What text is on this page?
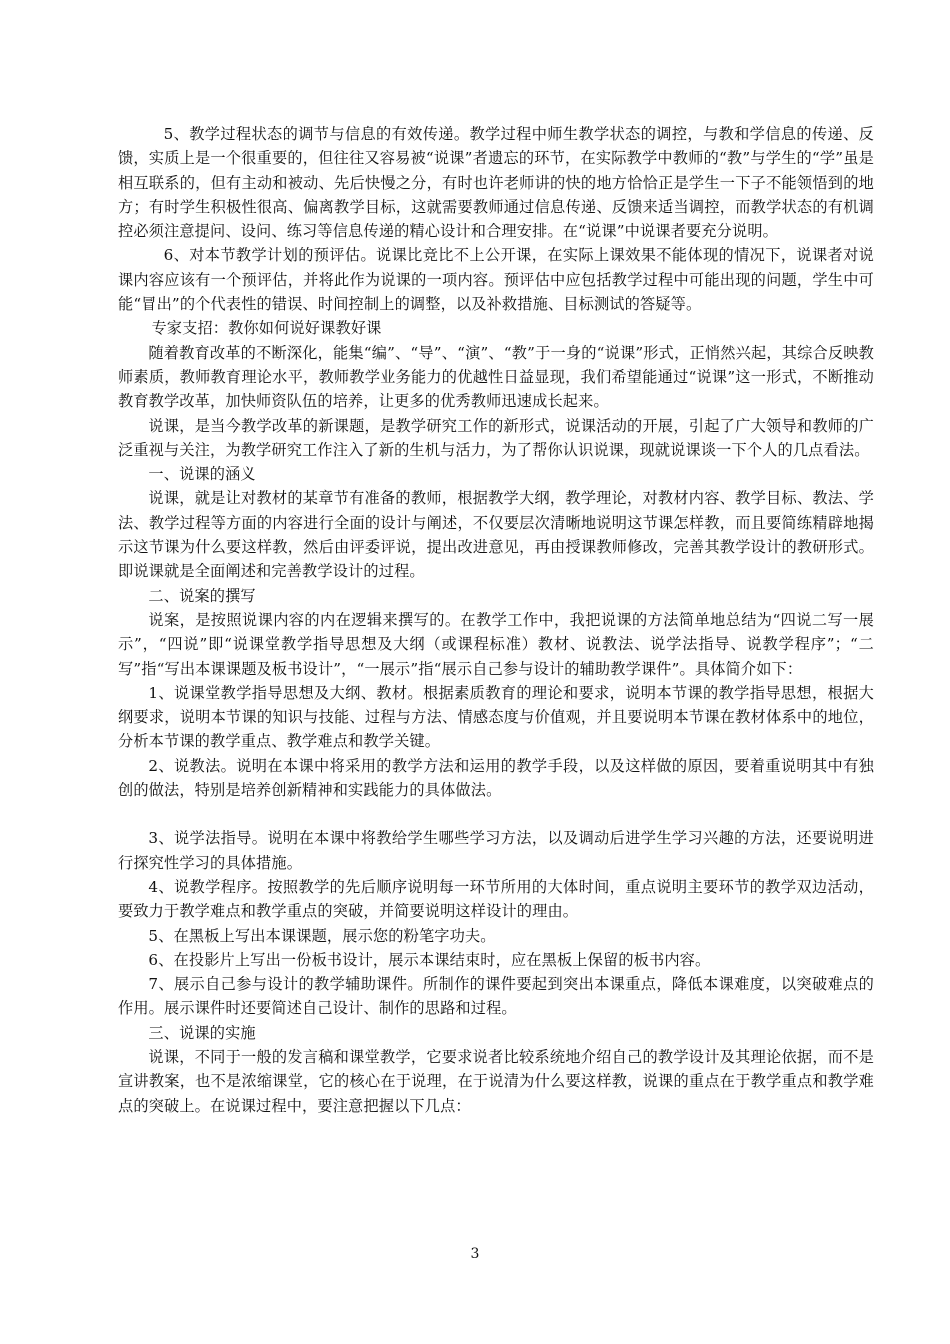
5、教学过程状态的调节与信息的有效传递。教学过程中师生教学状态的调控，与教和学信息的传递、反馈，实质上是一个很重要的，但往往又容易被“说课”者遗忘的环节，在实际教学中教师的“教”与学生的“学”虽是相互联系的，但有主动和被动、先后快慢之分，有时也许老师讲的快的地方恰恰正是学生一下子不能领悟到的地方；有时学生积极性很高、偏离教学目标，这就需要教师通过信息传递、反馈来适当调控，而教学状态的有机调控必须注意提问、设问、练习等信息传递的精心设计和合理安排。在“说课”中说课者要充分说明。

6、对本节教学计划的预评估。说课比竞比不上公开课，在实际上课效果不能体现的情况下，说课者对说课内容应该有一个预评估，并将此作为说课的一项内容。预评估中应包括教学过程中可能出现的问题，学生中可能“冒出”的个代表性的错误、时间控制上的调整，以及补救措施、目标测试的答疑等。

专家支招：教你如何说好课教好课

随着教育改革的不断深化，能集“编”、“导”、“演”、“教”于一身的“说课”形式，正悄然兴起，其综合反映教师素质，教师教育理论水平，教师教学业务能力的优越性日益显现，我们希望能通过“说课”这一形式，不断推动教育教学改革，加快师资队伍的培养，让更多的优秀教师迅速成长起来。

说课，是当今教学改革的新课题，是教学研究工作的新形式，说课活动的开展，引起了广大领导和教师的广泛重视与关注，为教学研究工作注入了新的生机与活力，为了帮你认识说课，现就说课谈一下个人的几点看法。

一、说课的涵义

说课，就是让对教材的某章节有准备的教师，根据教学大纲，教学理论，对教材内容、教学目标、教法、学法、教学过程等方面的内容进行全面的设计与阐述，不仅要层次清晰地说明这节课怎样教，而且要简练精辟地揭示这节课为什么要这样教，然后由评委评说，提出改进意见，再由授课教师修改，完善其教学设计的教研形式。即说课就是全面阐述和完善教学设计的过程。

二、说案的撰写

说案，是按照说课内容的内在逻辑来撰写的。在教学工作中，我把说课的方法简单地总结为“四说二写一展示”，“四说”即“说课堂教学指导思想及大纲（或课程标准）教材、说教法、说学法指导、说教学程序”；“二写”指“写出本课课题及板书设计”，“一展示”指“展示自己参与设计的辅助教学课件”。具体简介如下：

1、说课堂教学指导思想及大纲、教材。根据素质教育的理论和要求，说明本节课的教学指导思想，根据大纲要求，说明本节课的知识与技能、过程与方法、情感态度与价值观，并且要说明本节课在教材体系中的地位，分析本节课的教学重点、教学难点和教学关键。

2、说教法。说明在本课中将采用的教学方法和运用的教学手段，以及这样做的原因，要着重说明其中有独创的做法，特别是培养创新精神和实践能力的具体做法。

3、说学法指导。说明在本课中将教给学生哪些学习方法，以及调动后进学生学习兴趣的方法，还要说明进行探究性学习的具体措施。

4、说教学程序。按照教学的先后顺序说明每一环节所用的大体时间，重点说明主要环节的教学双边活动，要致力于教学难点和教学重点的突破，并简要说明这样设计的理由。

5、在黑板上写出本课课题，展示您的粉笔字功夫。

6、在投影片上写出一份板书设计，展示本课结束时，应在黑板上保留的板书内容。

7、展示自己参与设计的教学辅助课件。所制作的课件要起到突出本课重点，降低本课难度，以突破难点的作用。展示课件时还要简述自己设计、制作的思路和过程。

三、说课的实施

说课，不同于一般的发言稿和课堂教学，它要求说者比较系统地介绍自己的教学设计及其理论依据，而不是宣讲教案，也不是浓缩课堂，它的核心在于说理，在于说清为什么要这样教，说课的重点在于教学重点和教学难点的突破上。在说课过程中，要注意把握以下几点：

3
